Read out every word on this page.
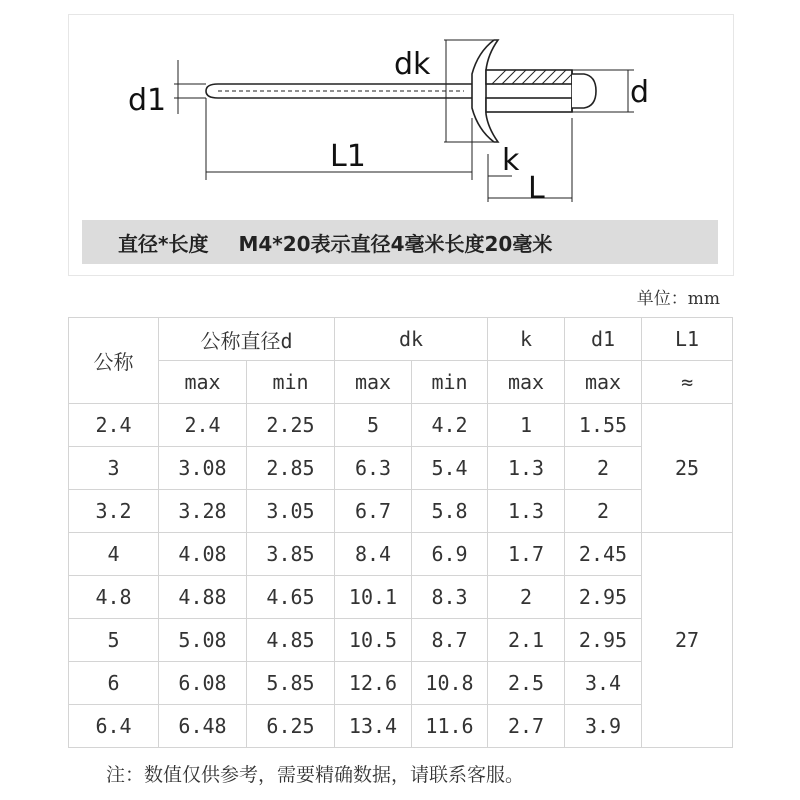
dk
d
d1
L1	k
L
直径*长度 M4*20表示直径4毫米长度20毫米
单位：mm
公称	公称直径d		dk		k	d1	L1
	max	min	max	min	max	max	≈
2.4	2.4	2.25	5	4.2	1	1.55	25
3	3.08	2.85	6.3	5.4	1.3	2	
3.2	3.28	3.05	6.7	5.8	1.3	2	
4	4.08	3.85	8.4	6.9	1.7	2.45	27
4.8	4.88	4.65	10.1	8.3	2	2.95	
5	5.08	4.85	10.5	8.7	2.1	2.95	
6	6.08	5.85	12.6	10.8	2.5	3.4	
6.4	6.48	6.25	13.4	11.6	2.7	3.9	
注：数值仅供参考，需要精确数据，请联系客服。
